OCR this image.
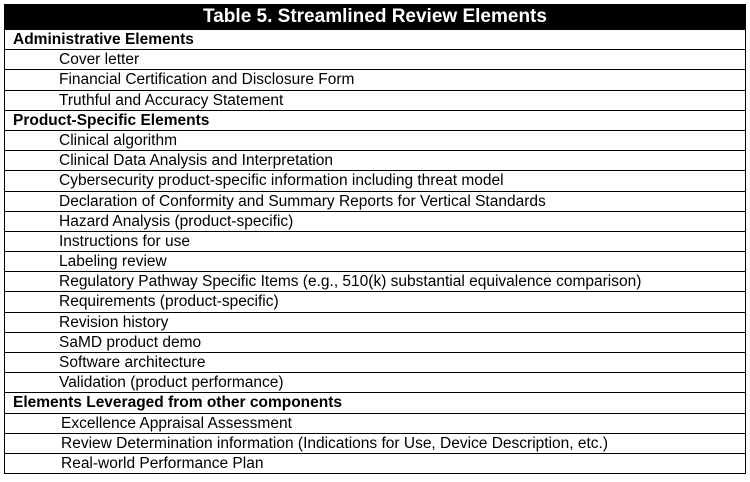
Table 5. Streamlined Review Elements
Administrative Elements
Cover letter
Financial Certification and Disclosure Form
Truthful and Accuracy Statement
Product-Specific Elements
Clinical algorithm
Clinical Data Analysis and Interpretation
Cybersecurity product-specific information including threat model
Declaration of Conformity and Summary Reports for Vertical Standards
Hazard Analysis (product-specific)
Instructions for use
Labeling review
Regulatory Pathway Specific Items (e.g., 510(k) substantial equivalence comparison)
Requirements (product-specific)
Revision history
SaMD product demo
Software architecture
Validation (product performance)
Elements Leveraged from other components
Excellence Appraisal Assessment
Review Determination information (Indications for Use, Device Description, etc.)
Real-world Performance Plan
